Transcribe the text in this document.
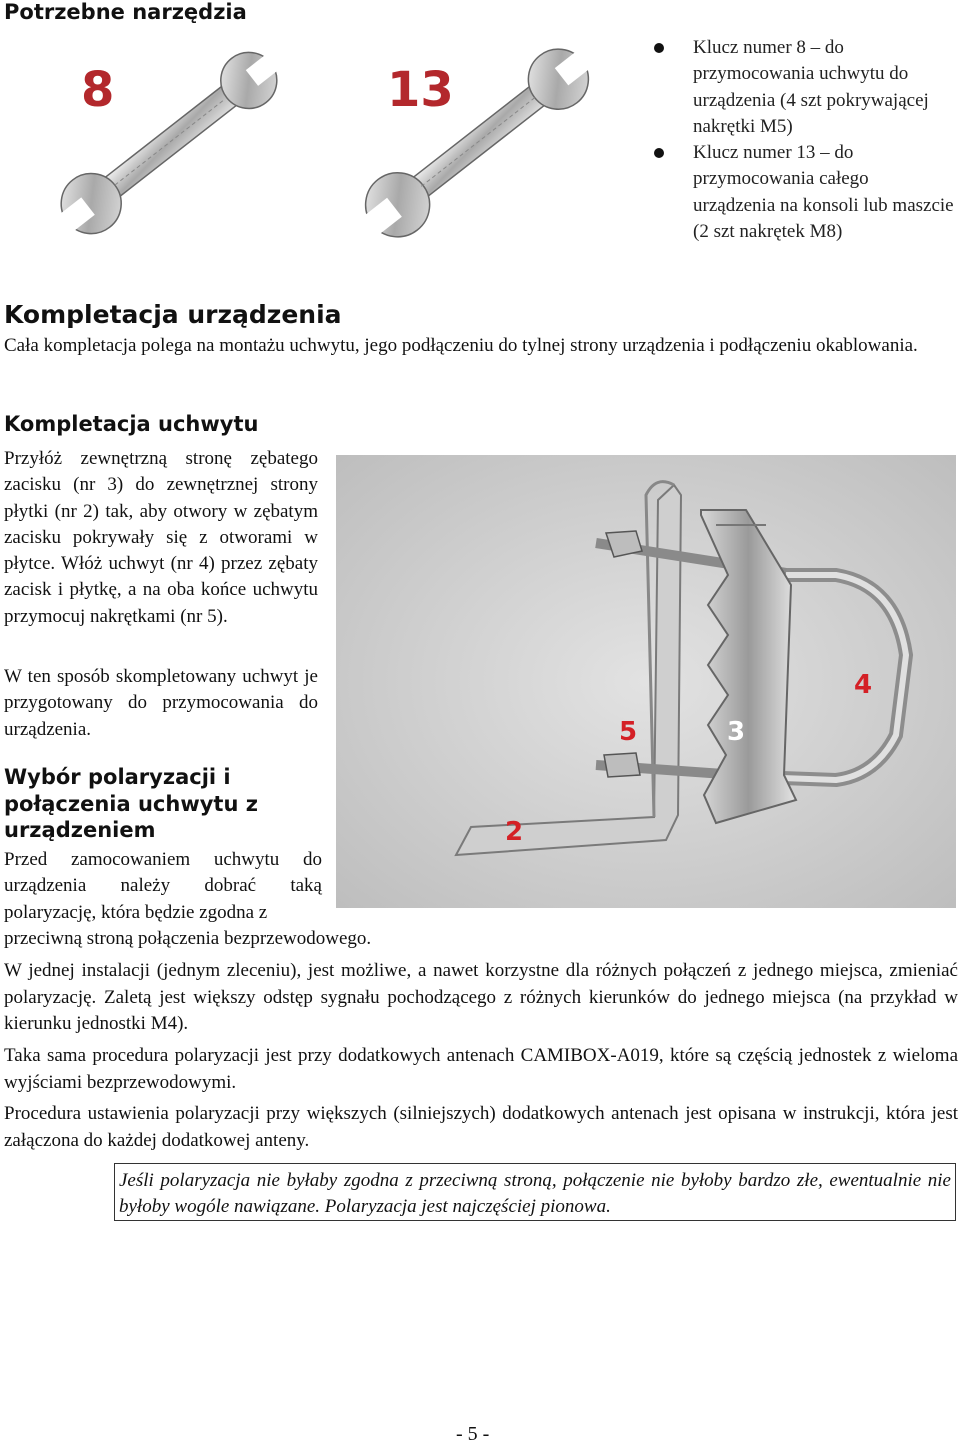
Potrzebne narzędzia
8	13
Klucz numer 8 – do przymocowania uchwytu do urządzenia (4 szt pokrywającej nakrętki M5)
Klucz numer 13 – do przymocowania całego urządzenia na konsoli lub maszcie (2 szt nakrętek M8)
Kompletacja urządzenia
Cała kompletacja polega na montażu uchwytu, jego podłączeniu do tylnej strony urządzenia i podłączeniu okablowania.
Kompletacja uchwytu
Przyłóż zewnętrzną stronę zębatego zacisku (nr 3) do zewnętrznej strony płytki (nr 2) tak, aby otwory w zębatym zacisku pokrywały się z otworami w płytce. Włóż uchwyt (nr 4) przez zębaty zacisk i płytkę, a na oba końce uchwytu przymocuj nakrętkami (nr 5).
W ten sposób skompletowany uchwyt je przygotowany do przymocowania do urządzenia.	5	3
4
2
Wybór polaryzacji i połączenia uchwytu z urządzeniem
Przed zamocowaniem uchwytu do urządzenia należy dobrać taką polaryzację, która będzie zgodna z
przeciwną stroną połączenia bezprzewodowego.
W jednej instalacji (jednym zleceniu), jest możliwe, a nawet korzystne dla różnych połączeń z jednego miejsca, zmieniać polaryzację. Zaletą jest większy odstęp sygnału pochodzącego z różnych kierunków do jednego miejsca (na przykład w kierunku jednostki M4).
Taka sama procedura polaryzacji jest przy dodatkowych antenach CAMIBOX-A019, które są częścią jednostek z wieloma wyjściami bezprzewodowymi.
Procedura ustawienia polaryzacji przy większych (silniejszych) dodatkowych antenach jest opisana w instrukcji, która jest załączona do każdej dodatkowej anteny.
Jeśli polaryzacja nie byłaby zgodna z przeciwną stroną, połączenie nie byłoby bardzo złe, ewentualnie nie byłoby wogóle nawiązane. Polaryzacja jest najczęściej pionowa.
- 5 -
